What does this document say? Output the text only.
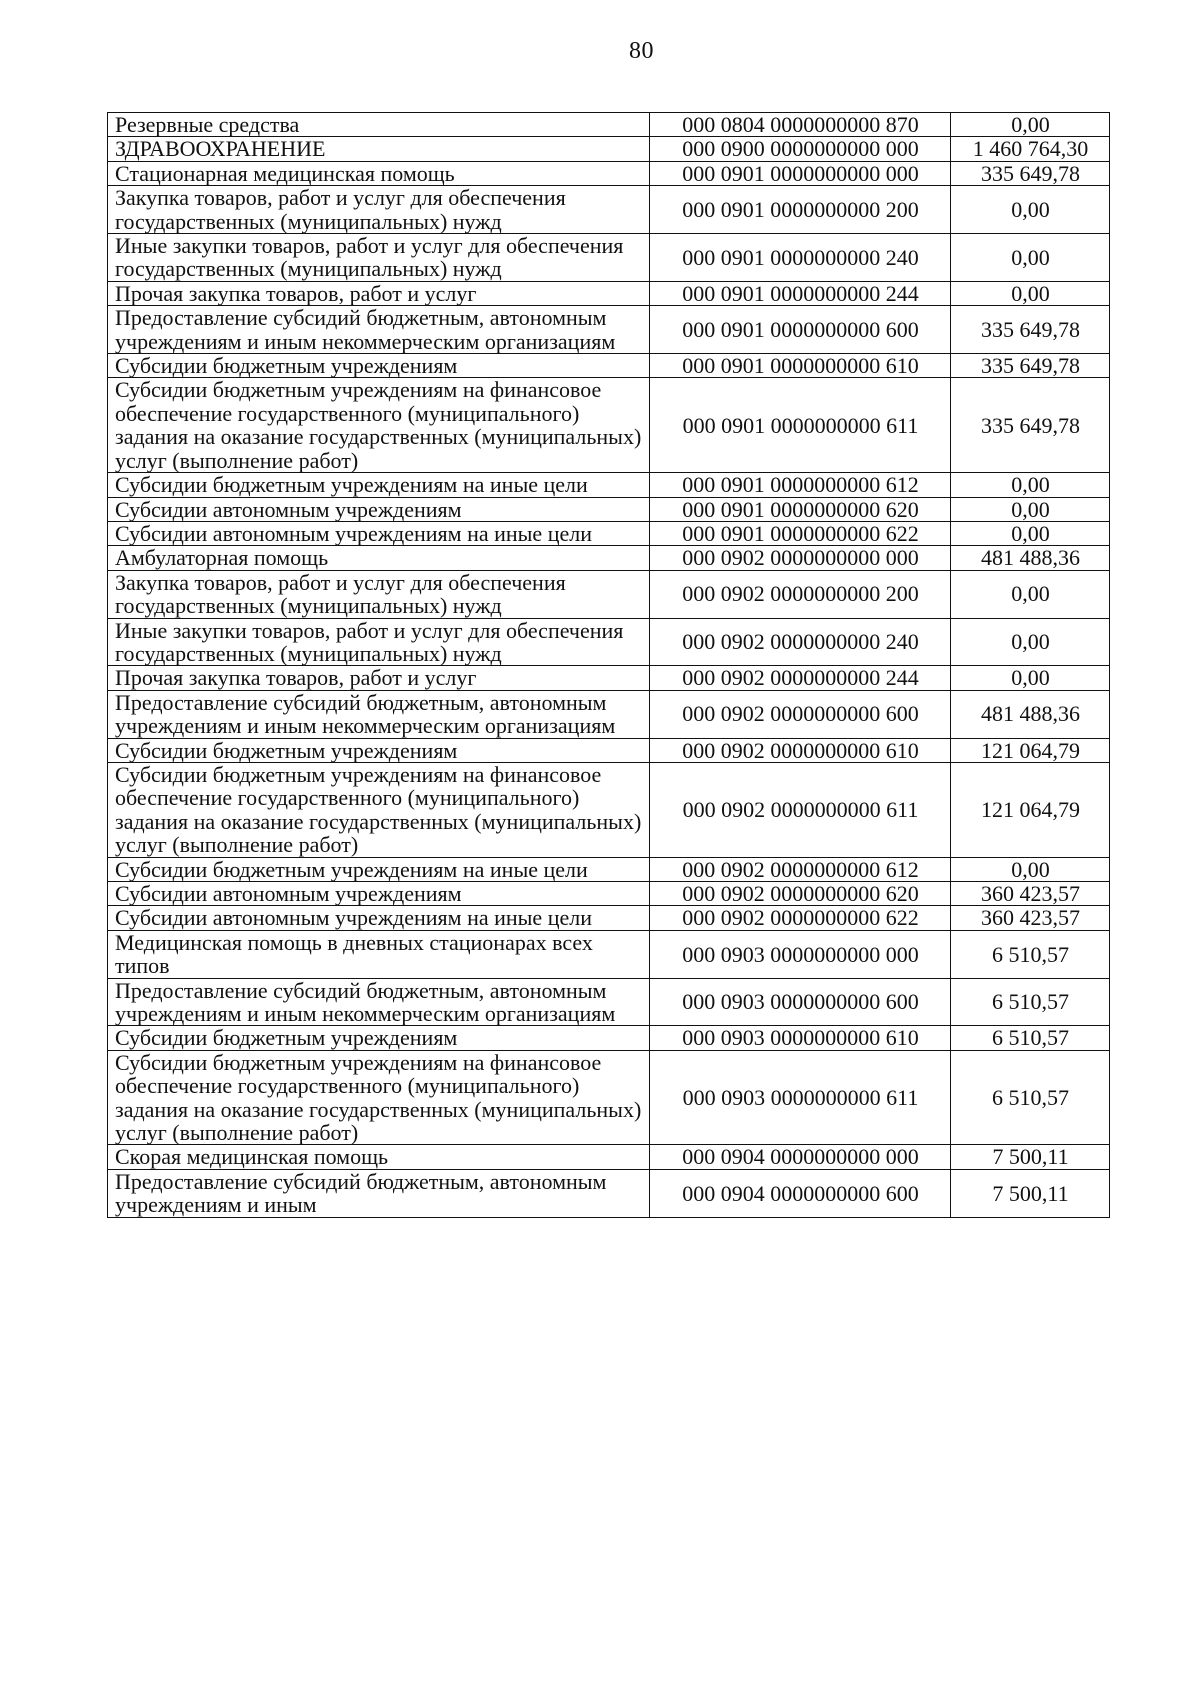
80
Резервные средства	000 0804 0000000000 870	0,00
ЗДРАВООХРАНЕНИЕ	000 0900 0000000000 000	1 460 764,30
Стационарная медицинская помощь	000 0901 0000000000 000	335 649,78
Закупка товаров, работ и услуг для обеспечения государственных (муниципальных) нужд	000 0901 0000000000 200	0,00
Иные закупки товаров, работ и услуг для обеспечения государственных (муниципальных) нужд	000 0901 0000000000 240	0,00
Прочая закупка товаров, работ и услуг	000 0901 0000000000 244	0,00
Предоставление субсидий бюджетным, автономным учреждениям и иным некоммерческим организациям	000 0901 0000000000 600	335 649,78
Субсидии бюджетным учреждениям	000 0901 0000000000 610	335 649,78
Субсидии бюджетным учреждениям на финансовое обеспечение государственного (муниципального) задания на оказание государственных (муниципальных) услуг (выполнение работ)	000 0901 0000000000 611	335 649,78
Субсидии бюджетным учреждениям на иные цели	000 0901 0000000000 612	0,00
Субсидии автономным учреждениям	000 0901 0000000000 620	0,00
Субсидии автономным учреждениям на иные цели	000 0901 0000000000 622	0,00
Амбулаторная помощь	000 0902 0000000000 000	481 488,36
Закупка товаров, работ и услуг для обеспечения государственных (муниципальных) нужд	000 0902 0000000000 200	0,00
Иные закупки товаров, работ и услуг для обеспечения государственных (муниципальных) нужд	000 0902 0000000000 240	0,00
Прочая закупка товаров, работ и услуг	000 0902 0000000000 244	0,00
Предоставление субсидий бюджетным, автономным учреждениям и иным некоммерческим организациям	000 0902 0000000000 600	481 488,36
Субсидии бюджетным учреждениям	000 0902 0000000000 610	121 064,79
Субсидии бюджетным учреждениям на финансовое обеспечение государственного (муниципального) задания на оказание государственных (муниципальных) услуг (выполнение работ)	000 0902 0000000000 611	121 064,79
Субсидии бюджетным учреждениям на иные цели	000 0902 0000000000 612	0,00
Субсидии автономным учреждениям	000 0902 0000000000 620	360 423,57
Субсидии автономным учреждениям на иные цели	000 0902 0000000000 622	360 423,57
Медицинская помощь в дневных стационарах всех типов	000 0903 0000000000 000	6 510,57
Предоставление субсидий бюджетным, автономным учреждениям и иным некоммерческим организациям	000 0903 0000000000 600	6 510,57
Субсидии бюджетным учреждениям	000 0903 0000000000 610	6 510,57
Субсидии бюджетным учреждениям на финансовое обеспечение государственного (муниципального) задания на оказание государственных (муниципальных) услуг (выполнение работ)	000 0903 0000000000 611	6 510,57
Скорая медицинская помощь	000 0904 0000000000 000	7 500,11
Предоставление субсидий бюджетным, автономным учреждениям и иным	000 0904 0000000000 600	7 500,11
